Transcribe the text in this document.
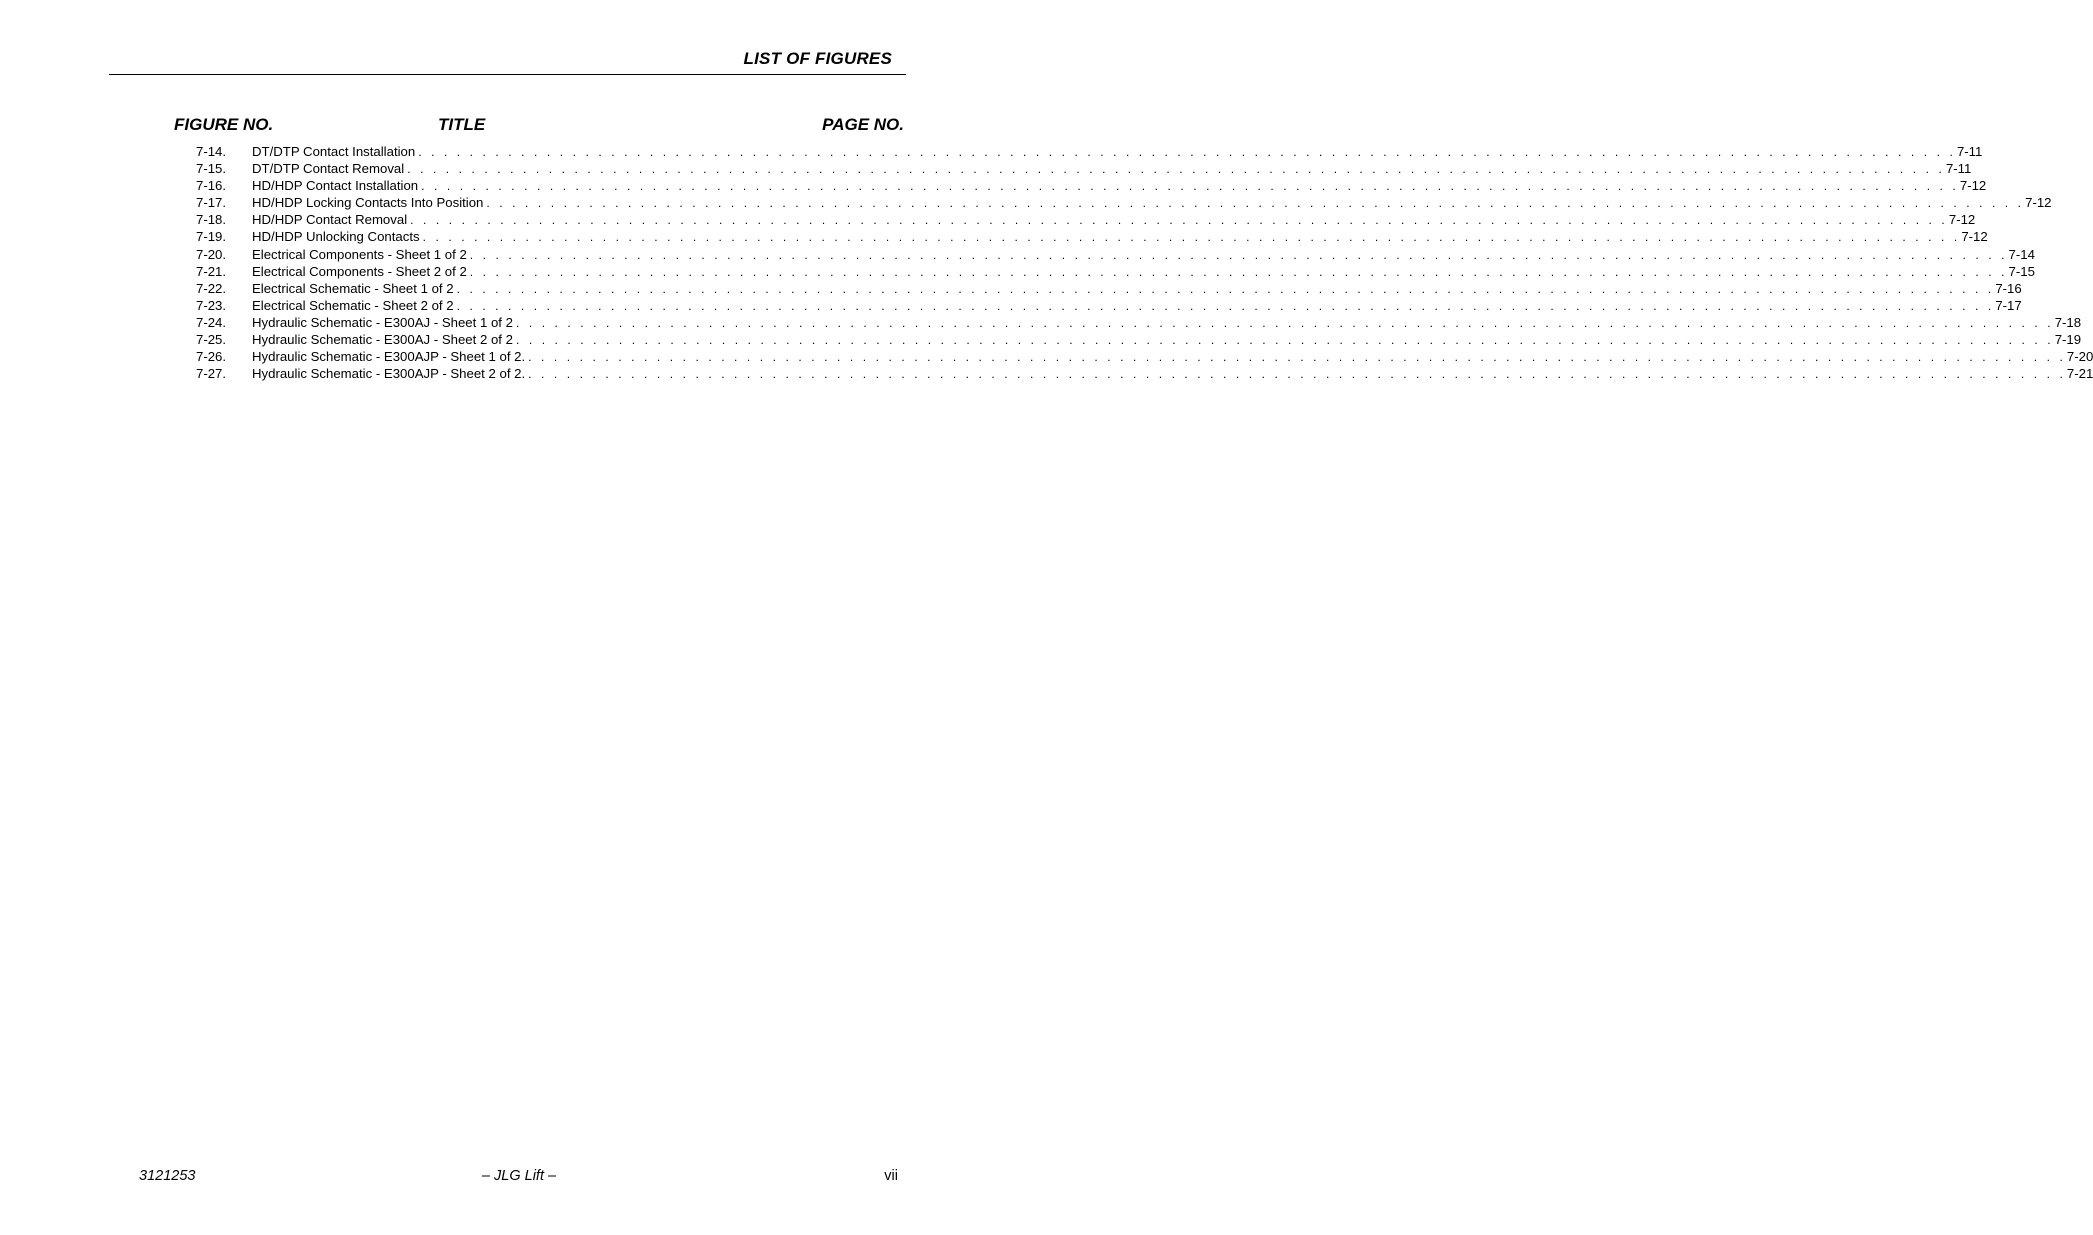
LIST OF FIGURES
FIGURE NO.	TITLE	PAGE NO.
7-14.	DT/DTP Contact Installation . . . . . . . . . . . . . . . . . . . . . . . . . . . . . . . . . . . . . . . . . . . . . . . . . . . . . . . . . . . . . . . . . . . . . . . . . . . . . . . . . . . . . . . . . . . . . . . . . . . . . . . . . . . . . . . . . . . . . . . . 7-11
7-15.	DT/DTP Contact Removal . . . . . . . . . . . . . . . . . . . . . . . . . . . . . . . . . . . . . . . . . . . . . . . . . . . . . . . . . . . . . . . . . . . . . . . . . . . . . . . . . . . . . . . . . . . . . . . . . . . . . . . . . . . . . . . . . . . . . . . . 7-11
7-16.	HD/HDP Contact Installation . . . . . . . . . . . . . . . . . . . . . . . . . . . . . . . . . . . . . . . . . . . . . . . . . . . . . . . . . . . . . . . . . . . . . . . . . . . . . . . . . . . . . . . . . . . . . . . . . . . . . . . . . . . . . . . . . . . . . . . . 7-12
7-17.	HD/HDP Locking Contacts Into Position . . . . . . . . . . . . . . . . . . . . . . . . . . . . . . . . . . . . . . . . . . . . . . . . . . . . . . . . . . . . . . . . . . . . . . . . . . . . . . . . . . . . . . . . . . . . . . . . . . . . . . . . . . . . . . . . . . . . . . . . 7-12
7-18.	HD/HDP Contact Removal . . . . . . . . . . . . . . . . . . . . . . . . . . . . . . . . . . . . . . . . . . . . . . . . . . . . . . . . . . . . . . . . . . . . . . . . . . . . . . . . . . . . . . . . . . . . . . . . . . . . . . . . . . . . . . . . . . . . . . . . 7-12
7-19.	HD/HDP Unlocking Contacts . . . . . . . . . . . . . . . . . . . . . . . . . . . . . . . . . . . . . . . . . . . . . . . . . . . . . . . . . . . . . . . . . . . . . . . . . . . . . . . . . . . . . . . . . . . . . . . . . . . . . . . . . . . . . . . . . . . . . . . . 7-12
7-20.	Electrical Components - Sheet 1 of 2 . . . . . . . . . . . . . . . . . . . . . . . . . . . . . . . . . . . . . . . . . . . . . . . . . . . . . . . . . . . . . . . . . . . . . . . . . . . . . . . . . . . . . . . . . . . . . . . . . . . . . . . . . . . . . . . . . . . . . . . . 7-14
7-21.	Electrical Components - Sheet 2 of 2 . . . . . . . . . . . . . . . . . . . . . . . . . . . . . . . . . . . . . . . . . . . . . . . . . . . . . . . . . . . . . . . . . . . . . . . . . . . . . . . . . . . . . . . . . . . . . . . . . . . . . . . . . . . . . . . . . . . . . . . . 7-15
7-22.	Electrical Schematic - Sheet 1 of 2 . . . . . . . . . . . . . . . . . . . . . . . . . . . . . . . . . . . . . . . . . . . . . . . . . . . . . . . . . . . . . . . . . . . . . . . . . . . . . . . . . . . . . . . . . . . . . . . . . . . . . . . . . . . . . . . . . . . . . . . . 7-16
7-23.	Electrical Schematic - Sheet 2 of 2 . . . . . . . . . . . . . . . . . . . . . . . . . . . . . . . . . . . . . . . . . . . . . . . . . . . . . . . . . . . . . . . . . . . . . . . . . . . . . . . . . . . . . . . . . . . . . . . . . . . . . . . . . . . . . . . . . . . . . . . . 7-17
7-24.	Hydraulic Schematic - E300AJ - Sheet 1 of 2 . . . . . . . . . . . . . . . . . . . . . . . . . . . . . . . . . . . . . . . . . . . . . . . . . . . . . . . . . . . . . . . . . . . . . . . . . . . . . . . . . . . . . . . . . . . . . . . . . . . . . . . . . . . . . . . . . . . . . . . . 7-18
7-25.	Hydraulic Schematic - E300AJ - Sheet 2 of 2 . . . . . . . . . . . . . . . . . . . . . . . . . . . . . . . . . . . . . . . . . . . . . . . . . . . . . . . . . . . . . . . . . . . . . . . . . . . . . . . . . . . . . . . . . . . . . . . . . . . . . . . . . . . . . . . . . . . . . . . . 7-19
7-26.	Hydraulic Schematic - E300AJP - Sheet 1 of 2. . . . . . . . . . . . . . . . . . . . . . . . . . . . . . . . . . . . . . . . . . . . . . . . . . . . . . . . . . . . . . . . . . . . . . . . . . . . . . . . . . . . . . . . . . . . . . . . . . . . . . . . . . . . . . . . . . . . . . . . . 7-20
7-27.	Hydraulic Schematic - E300AJP - Sheet 2 of 2. . . . . . . . . . . . . . . . . . . . . . . . . . . . . . . . . . . . . . . . . . . . . . . . . . . . . . . . . . . . . . . . . . . . . . . . . . . . . . . . . . . . . . . . . . . . . . . . . . . . . . . . . . . . . . . . . . . . . . . . . 7-21
3121253	– JLG Lift –	vii
